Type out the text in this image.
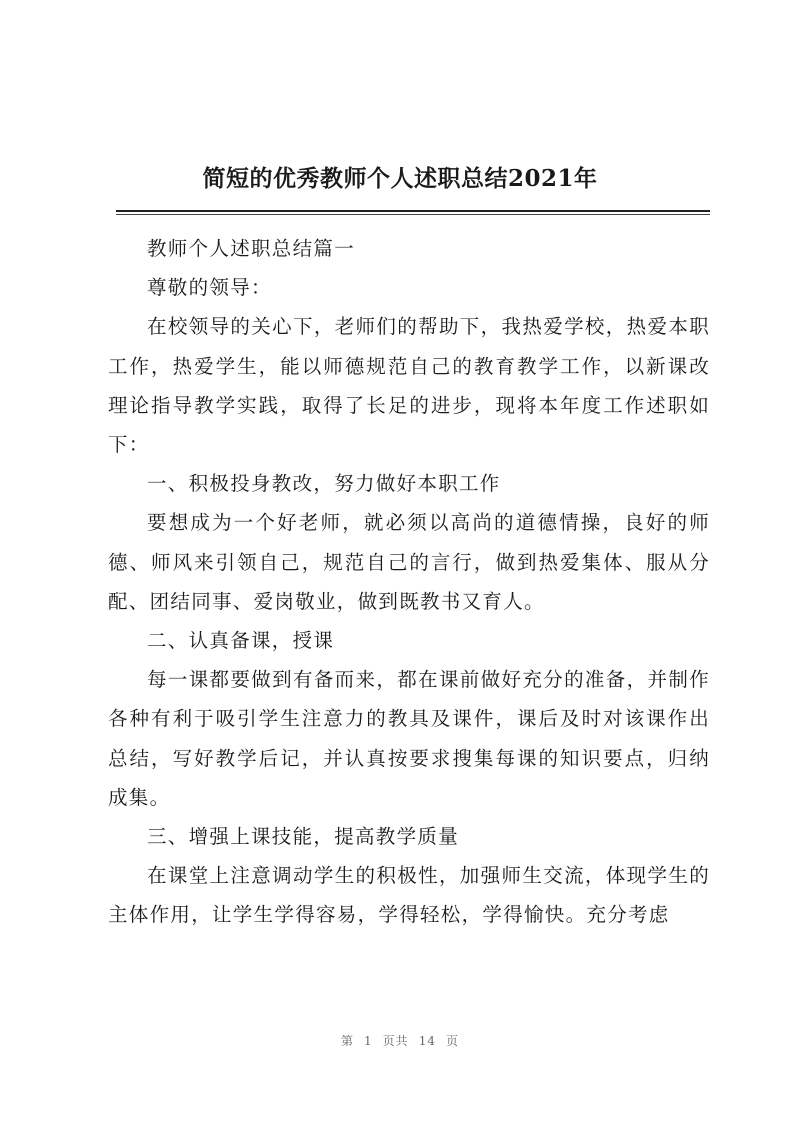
简短的优秀教师个人述职总结2021年

教师个人述职总结篇一

尊敬的领导：

在校领导的关心下，老师们的帮助下，我热爱学校，热爱本职工作，热爱学生，能以师德规范自己的教育教学工作，以新课改理论指导教学实践，取得了长足的进步，现将本年度工作述职如下：

一、积极投身教改，努力做好本职工作

要想成为一个好老师，就必须以高尚的道德情操，良好的师德、师风来引领自己，规范自己的言行，做到热爱集体、服从分配、团结同事、爱岗敬业，做到既教书又育人。

二、认真备课，授课

每一课都要做到有备而来，都在课前做好充分的准备，并制作各种有利于吸引学生注意力的教具及课件，课后及时对该课作出总结，写好教学后记，并认真按要求搜集每课的知识要点，归纳成集。

三、增强上课技能，提高教学质量

在课堂上注意调动学生的积极性，加强师生交流，体现学生的主体作用，让学生学得容易，学得轻松，学得愉快。充分考虑

第 1 页共 14 页
